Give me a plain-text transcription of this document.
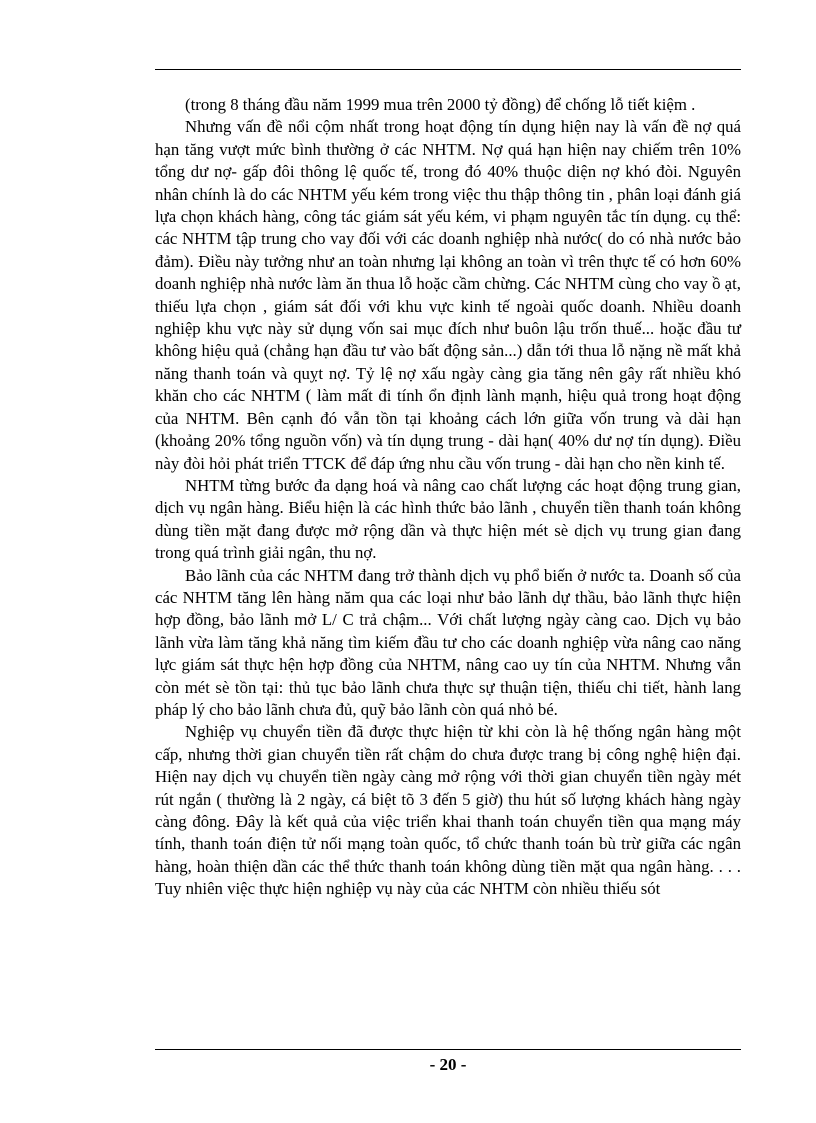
(trong 8 tháng đầu năm 1999 mua trên 2000 tỷ đồng) để chống lỗ tiết kiệm .

Nhưng vấn đề nổi cộm nhất trong hoạt động tín dụng hiện nay là vấn đề nợ quá hạn tăng vượt mức bình thường ở các NHTM. Nợ quá hạn hiện nay chiếm trên 10% tổng dư nợ- gấp đôi thông lệ quốc tế, trong đó 40% thuộc diện nợ khó đòi. Nguyên nhân chính là do các NHTM yếu kém trong việc thu thập thông tin , phân loại đánh giá lựa chọn khách hàng, công tác giám sát yếu kém, vi phạm nguyên tắc tín dụng. cụ thể: các NHTM tập trung cho vay đối với các doanh nghiệp nhà nước( do có nhà nước bảo đảm). Điều này tưởng như an toàn nhưng lại không an toàn vì trên thực tế có hơn 60% doanh nghiệp nhà nước làm ăn thua lỗ hoặc cầm chừng. Các NHTM cùng cho vay ồ ạt, thiếu lựa chọn , giám sát đối với khu vực kinh tế ngoài quốc doanh. Nhiều doanh nghiệp khu vực này sử dụng vốn sai mục đích như buôn lậu trốn thuế... hoặc đầu tư không hiệu quả (chẳng hạn đầu tư vào bất động sản...) dẫn tới thua lỗ nặng nề mất khả năng thanh toán và quỵt nợ. Tỷ lệ nợ xấu ngày càng gia tăng nên gây rất nhiều khó khăn cho các NHTM ( làm mất đi tính ổn định lành mạnh, hiệu quả trong hoạt động của NHTM. Bên cạnh đó vẫn tồn tại khoảng cách lớn giữa vốn trung và dài hạn (khoảng 20% tổng nguồn vốn) và tín dụng trung - dài hạn( 40% dư nợ tín dụng). Điều này đòi hỏi phát triển TTCK để đáp ứng nhu cầu vốn trung - dài hạn cho nền kinh tế.

NHTM từng bước đa dạng hoá và nâng cao chất lượng các hoạt động trung gian, dịch vụ ngân hàng. Biểu hiện là các hình thức bảo lãnh , chuyển tiền thanh toán không dùng tiền mặt đang được mở rộng dần và thực hiện mét sè dịch vụ trung gian đang trong quá trình giải ngân, thu nợ.

Bảo lãnh của các NHTM đang trở thành dịch vụ phổ biến ở nước ta. Doanh số của các NHTM tăng lên hàng năm qua các loại như bảo lãnh dự thầu, bảo lãnh thực hiện hợp đồng, bảo lãnh mở L/ C trả chậm... Với chất lượng ngày càng cao. Dịch vụ bảo lãnh vừa làm tăng khả năng tìm kiếm đầu tư cho các doanh nghiệp vừa nâng cao năng lực giám sát thực hện hợp đồng của NHTM, nâng cao uy tín của NHTM. Nhưng vẫn còn mét sè tồn tại: thủ tục bảo lãnh chưa thực sự thuận tiện, thiếu chi tiết, hành lang pháp lý cho bảo lãnh chưa đủ, quỹ bảo lãnh còn quá nhỏ bé.

Nghiệp vụ chuyển tiền đã được thực hiện từ khi còn là hệ thống ngân hàng một cấp, nhưng thời gian chuyển tiền rất chậm do chưa được trang bị công nghệ hiện đại. Hiện nay dịch vụ chuyển tiền ngày càng mở rộng với thời gian chuyển tiền ngày mét rút ngắn ( thường là 2 ngày, cá biệt tõ 3 đến 5 giờ) thu hút số lượng khách hàng ngày càng đông. Đây là kết quả của việc triển khai thanh toán chuyển tiền qua mạng máy tính, thanh toán điện tử nối mạng toàn quốc, tổ chức thanh toán bù trừ giữa các ngân hàng, hoàn thiện dần các thể thức thanh toán không dùng tiền mặt qua ngân hàng. . . . Tuy nhiên việc thực hiện nghiệp vụ này của các NHTM còn nhiều thiếu sót

- 20 -
